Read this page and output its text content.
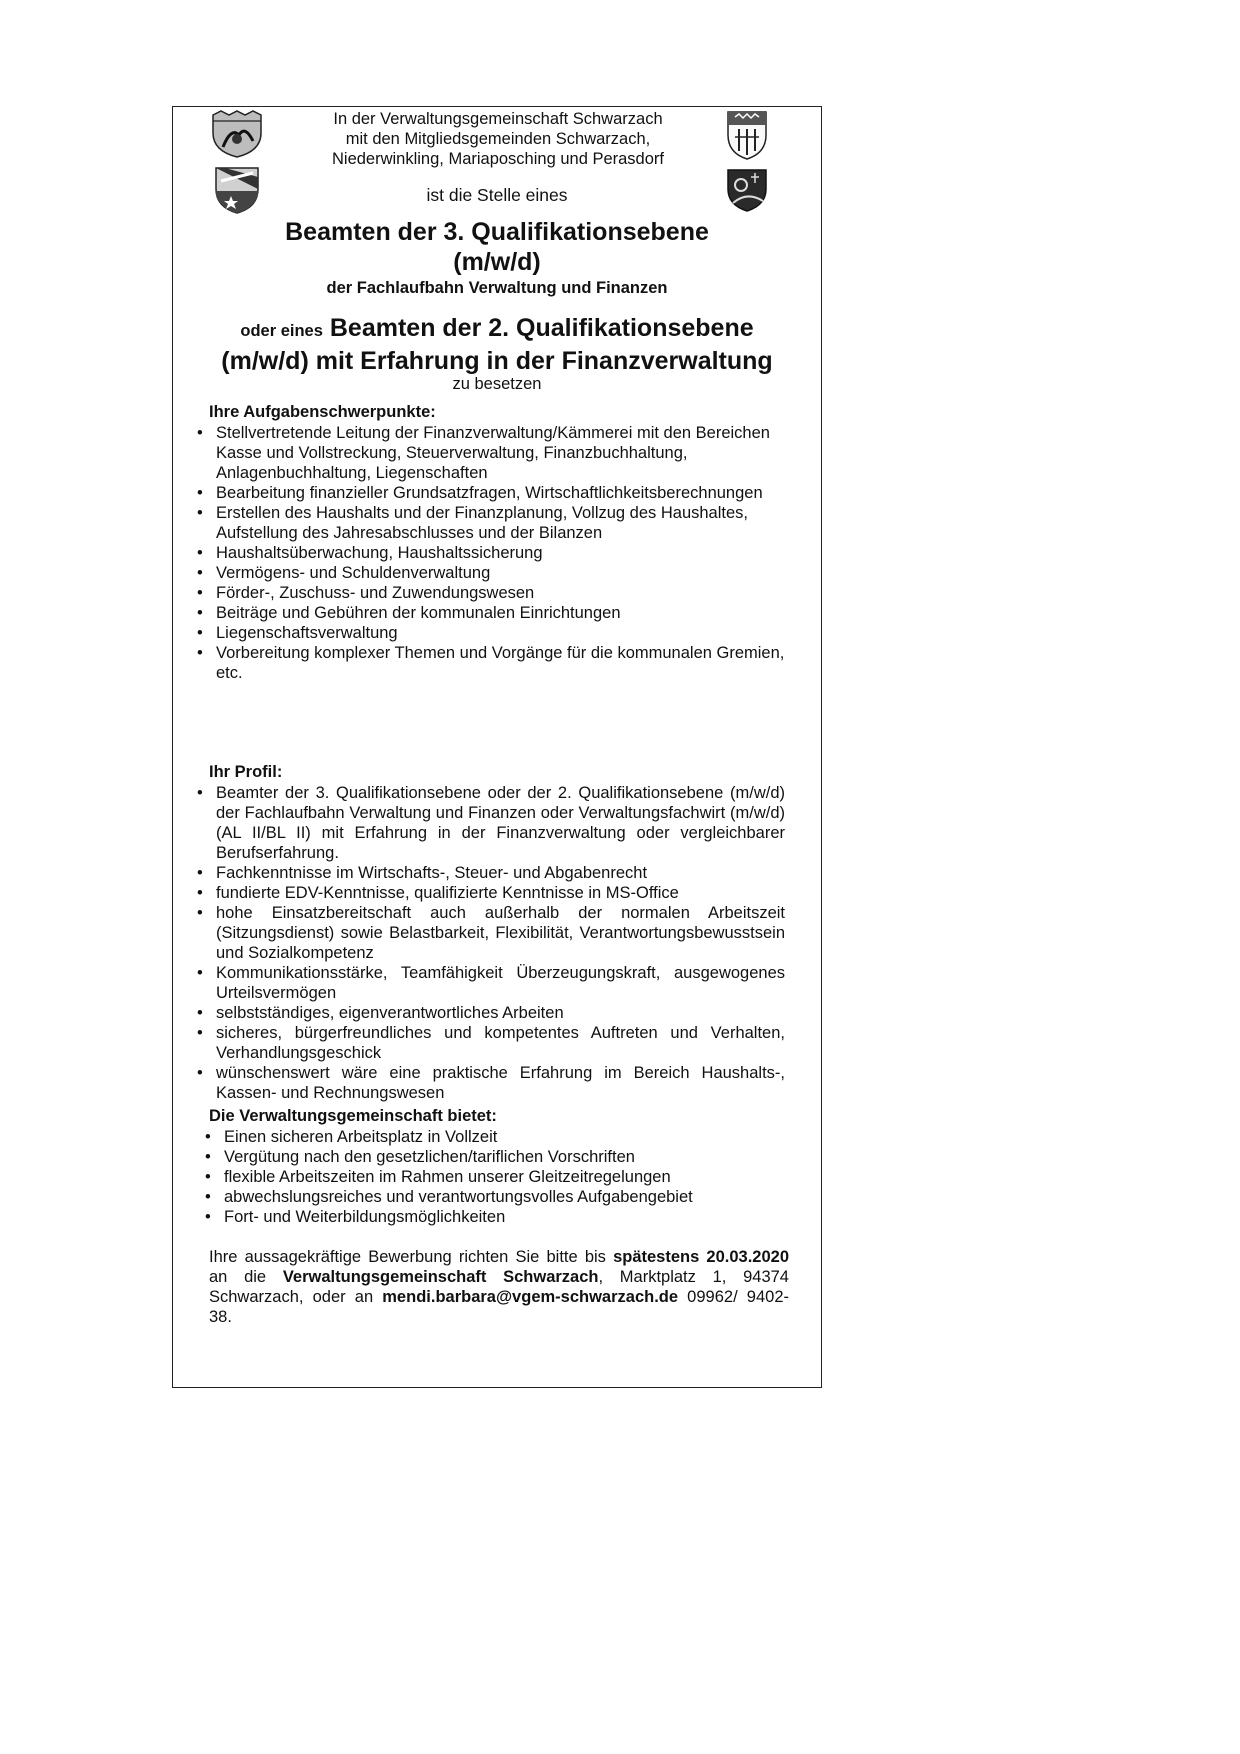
In der Verwaltungsgemeinschaft Schwarzach
mit den Mitgliedsgemeinden Schwarzach,
Niederwinkling, Mariaposching und Perasdorf
ist die Stelle eines
Beamten der 3. Qualifikationsebene
(m/w/d)
der Fachlaufbahn Verwaltung und Finanzen
oder eines Beamten der 2. Qualifikationsebene
(m/w/d) mit Erfahrung in der Finanzverwaltung
zu besetzen
Ihre Aufgabenschwerpunkte:
• Stellvertretende Leitung der Finanzverwaltung/Kämmerei mit den Bereichen Kasse und Vollstreckung, Steuerverwaltung, Finanzbuchhaltung, Anlagenbuchhaltung, Liegenschaften
• Bearbeitung finanzieller Grundsatzfragen, Wirtschaftlichkeitsberechnungen
• Erstellen des Haushalts und der Finanzplanung, Vollzug des Haushaltes, Aufstellung des Jahresabschlusses und der Bilanzen
• Haushaltsüberwachung, Haushaltssicherung
• Vermögens- und Schuldenverwaltung
• Förder-, Zuschuss- und Zuwendungswesen
• Beiträge und Gebühren der kommunalen Einrichtungen
• Liegenschaftsverwaltung
• Vorbereitung komplexer Themen und Vorgänge für die kommunalen Gremien, etc.
Ihr Profil:
• Beamter der 3. Qualifikationsebene oder der 2. Qualifikationsebene (m/w/d) der Fachlaufbahn Verwaltung und Finanzen oder Verwaltungsfachwirt (m/w/d) (AL II/BL II) mit Erfahrung in der Finanzverwaltung oder vergleichbarer Berufserfahrung.
• Fachkenntnisse im Wirtschafts-, Steuer- und Abgabenrecht
• fundierte EDV-Kenntnisse, qualifizierte Kenntnisse in MS-Office
• hohe Einsatzbereitschaft auch außerhalb der normalen Arbeitszeit (Sitzungsdienst) sowie Belastbarkeit, Flexibilität, Verantwortungsbewusstsein und Sozialkompetenz
• Kommunikationsstärke, Teamfähigkeit Überzeugungskraft, ausgewogenes Urteilsvermögen
• selbstständiges, eigenverantwortliches Arbeiten
• sicheres, bürgerfreundliches und kompetentes Auftreten und Verhalten, Verhandlungsgeschick
• wünschenswert wäre eine praktische Erfahrung im Bereich Haushalts-, Kassen- und Rechnungswesen
Die Verwaltungsgemeinschaft bietet:
• Einen sicheren Arbeitsplatz in Vollzeit
• Vergütung nach den gesetzlichen/tariflichen Vorschriften
• flexible Arbeitszeiten im Rahmen unserer Gleitzeitregelungen
• abwechslungsreiches und verantwortungsvolles Aufgabengebiet
• Fort- und Weiterbildungsmöglichkeiten
Ihre aussagekräftige Bewerbung richten Sie bitte bis spätestens 20.03.2020 an die Verwaltungsgemeinschaft Schwarzach, Marktplatz 1, 94374 Schwarzach, oder an mendi.barbara@vgem-schwarzach.de 09962/ 9402-38.
